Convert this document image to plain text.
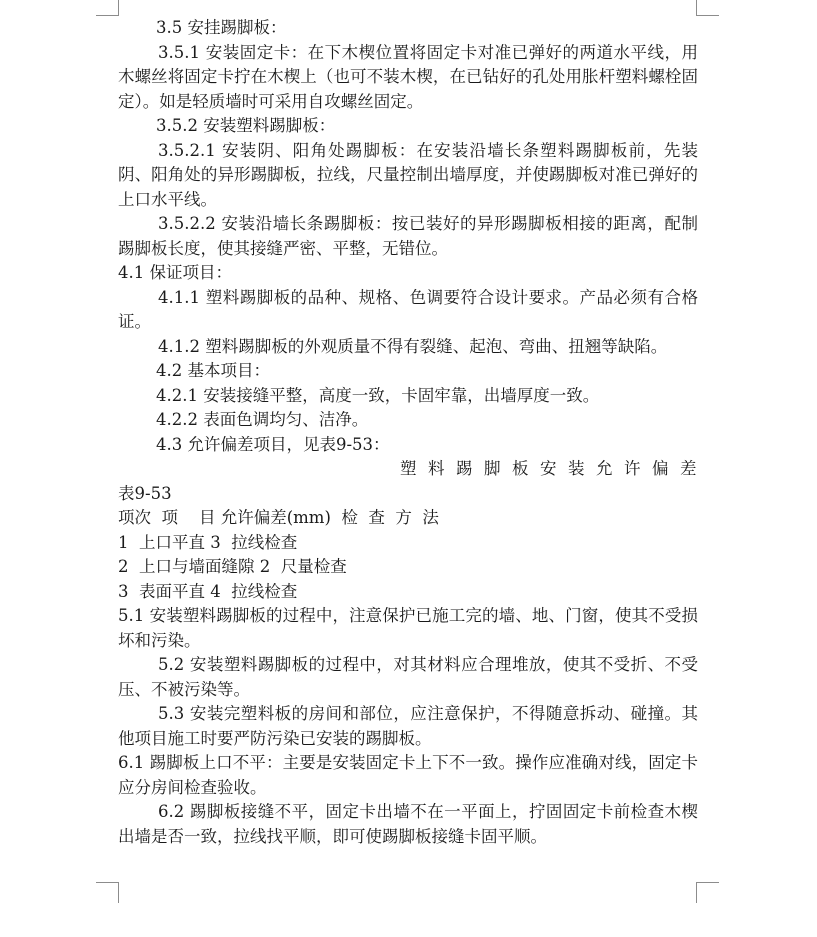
3.5 安挂踢脚板：
3.5.1 安装固定卡：在下木楔位置将固定卡对准已弹好的两道水平线，用木螺丝将固定卡拧在木楔上（也可不装木楔，在已钻好的孔处用胀杆塑料螺栓固定）。如是轻质墙时可采用自攻螺丝固定。
3.5.2 安装塑料踢脚板：
3.5.2.1 安装阴、阳角处踢脚板：在安装沿墙长条塑料踢脚板前，先装阴、阳角处的异形踢脚板，拉线，尺量控制出墙厚度，并使踢脚板对准已弹好的上口水平线。
3.5.2.2 安装沿墙长条踢脚板：按已装好的异形踢脚板相接的距离，配制踢脚板长度，使其接缝严密、平整，无错位。
4.1 保证项目：
4.1.1 塑料踢脚板的品种、规格、色调要符合设计要求。产品必须有合格证。
4.1.2 塑料踢脚板的外观质量不得有裂缝、起泡、弯曲、扭翘等缺陷。
4.2 基本项目：
4.2.1 安装接缝平整，高度一致，卡固牢靠，出墙厚度一致。
4.2.2 表面色调均匀、洁净。
4.3 允许偏差项目，见表9-53：
塑料踢脚板安装允许偏差
表9-53
项次  项    目 允许偏差(mm)  检  查  方  法
1  上口平直 3  拉线检查
2  上口与墙面缝隙 2  尺量检查
3  表面平直 4  拉线检查
5.1 安装塑料踢脚板的过程中，注意保护已施工完的墙、地、门窗，使其不受损坏和污染。
5.2 安装塑料踢脚板的过程中，对其材料应合理堆放，使其不受折、不受压、不被污染等。
5.3 安装完塑料板的房间和部位，应注意保护，不得随意拆动、碰撞。其他项目施工时要严防污染已安装的踢脚板。
6.1 踢脚板上口不平：主要是安装固定卡上下不一致。操作应准确对线，固定卡应分房间检查验收。
6.2 踢脚板接缝不平，固定卡出墙不在一平面上，拧固固定卡前检查木楔出墙是否一致，拉线找平顺，即可使踢脚板接缝卡固平顺。
